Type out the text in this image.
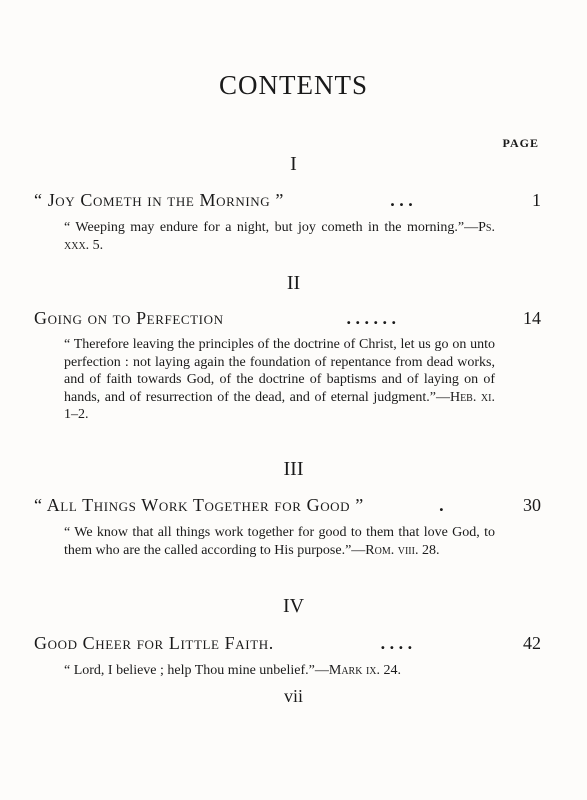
CONTENTS
PAGE
I
“ Joy Cometh in the Morning ”	. . .	1
“ Weeping may endure for a night, but joy cometh in the morning.”—Ps. xxx. 5.
II
Going on to Perfection	. . . . . .	14
“ Therefore leaving the principles of the doctrine of Christ, let us go on unto perfection : not laying again the foundation of repentance from dead works, and of faith towards God, of the doctrine of baptisms and of laying on of hands, and of resurrection of the dead, and of eternal judgment.”—Heb. xi. 1–2.
III
“ All Things Work Together for Good ”	.	30
“ We know that all things work together for good to them that love God, to them who are the called according to His purpose.”—Rom. viii. 28.
IV
Good Cheer for Little Faith.	. . . .	42
“ Lord, I believe ; help Thou mine unbelief.”—Mark ix. 24.
vii
